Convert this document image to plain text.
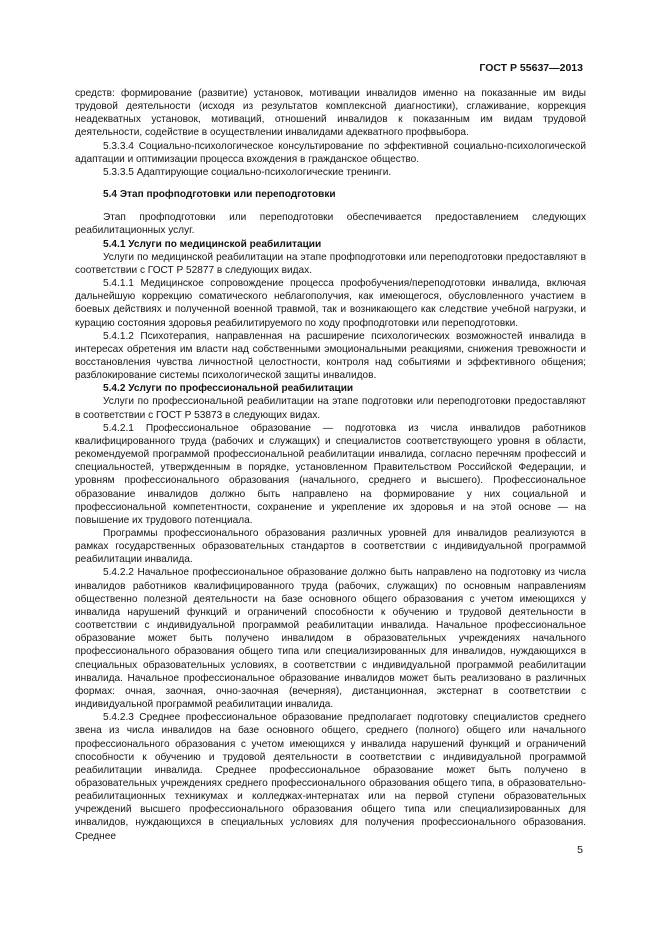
ГОСТ Р 55637—2013

средств: формирование (развитие) установок, мотивации инвалидов именно на показанные им виды трудовой деятельности (исходя из результатов комплексной диагностики), сглаживание, коррекция неадекватных установок, мотиваций, отношений инвалидов к показанным им видам трудовой деятельности, содействие в осуществлении инвалидами адекватного профвыбора.

5.3.3.4 Социально-психологическое консультирование по эффективной социально-психологической адаптации и оптимизации процесса вхождения в гражданское общество.

5.3.3.5 Адаптирующие социально-психологические тренинги.

5.4 Этап профподготовки или переподготовки

Этап профподготовки или переподготовки обеспечивается предоставлением следующих реабилитационных услуг.

5.4.1 Услуги по медицинской реабилитации

Услуги по медицинской реабилитации на этапе профподготовки или переподготовки предоставляют в соответствии с ГОСТ Р 52877 в следующих видах.

5.4.1.1 Медицинское сопровождение процесса профобучения/переподготовки инвалида, включая дальнейшую коррекцию соматического неблагополучия, как имеющегося, обусловленного участием в боевых действиях и полученной военной травмой, так и возникающего как следствие учебной нагрузки, и курацию состояния здоровья реабилитируемого по ходу профподготовки или переподготовки.

5.4.1.2 Психотерапия, направленная на расширение психологических возможностей инвалида в интересах обретения им власти над собственными эмоциональными реакциями, снижения тревожности и восстановления чувства личностной целостности, контроля над событиями и эффективного общения; разблокирование системы психологической защиты инвалидов.

5.4.2 Услуги по профессиональной реабилитации

Услуги по профессиональной реабилитации на этапе подготовки или переподготовки предоставляют в соответствии с ГОСТ Р 53873 в следующих видах.

5.4.2.1 Профессиональное образование — подготовка из числа инвалидов работников квалифицированного труда (рабочих и служащих) и специалистов соответствующего уровня в области, рекомендуемой программой профессиональной реабилитации инвалида, согласно перечням профессий и специальностей, утвержденным в порядке, установленном Правительством Российской Федерации, и уровням профессионального образования (начального, среднего и высшего). Профессиональное образование инвалидов должно быть направлено на формирование у них социальной и профессиональной компетентности, сохранение и укрепление их здоровья и на этой основе — на повышение их трудового потенциала.

Программы профессионального образования различных уровней для инвалидов реализуются в рамках государственных образовательных стандартов в соответствии с индивидуальной программой реабилитации инвалида.

5.4.2.2 Начальное профессиональное образование должно быть направлено на подготовку из числа инвалидов работников квалифицированного труда (рабочих, служащих) по основным направлениям общественно полезной деятельности на базе основного общего образования с учетом имеющихся у инвалида нарушений функций и ограничений способности к обучению и трудовой деятельности в соответствии с индивидуальной программой реабилитации инвалида. Начальное профессиональное образование может быть получено инвалидом в образовательных учреждениях начального профессионального образования общего типа или специализированных для инвалидов, нуждающихся в специальных образовательных условиях, в соответствии с индивидуальной программой реабилитации инвалида. Начальное профессиональное образование инвалидов может быть реализовано в различных формах: очная, заочная, очно-заочная (вечерняя), дистанционная, экстернат в соответствии с индивидуальной программой реабилитации инвалида.

5.4.2.3 Среднее профессиональное образование предполагает подготовку специалистов среднего звена из числа инвалидов на базе основного общего, среднего (полного) общего или начального профессионального образования с учетом имеющихся у инвалида нарушений функций и ограничений способности к обучению и трудовой деятельности в соответствии с индивидуальной программой реабилитации инвалида. Среднее профессиональное образование может быть получено в образовательных учреждениях среднего профессионального образования общего типа, в образовательно-реабилитационных техникумах и колледжах-интернатах или на первой ступени образовательных учреждений высшего профессионального образования общего типа или специализированных для инвалидов, нуждающихся в специальных условиях для получения профессионального образования. Среднее

5
